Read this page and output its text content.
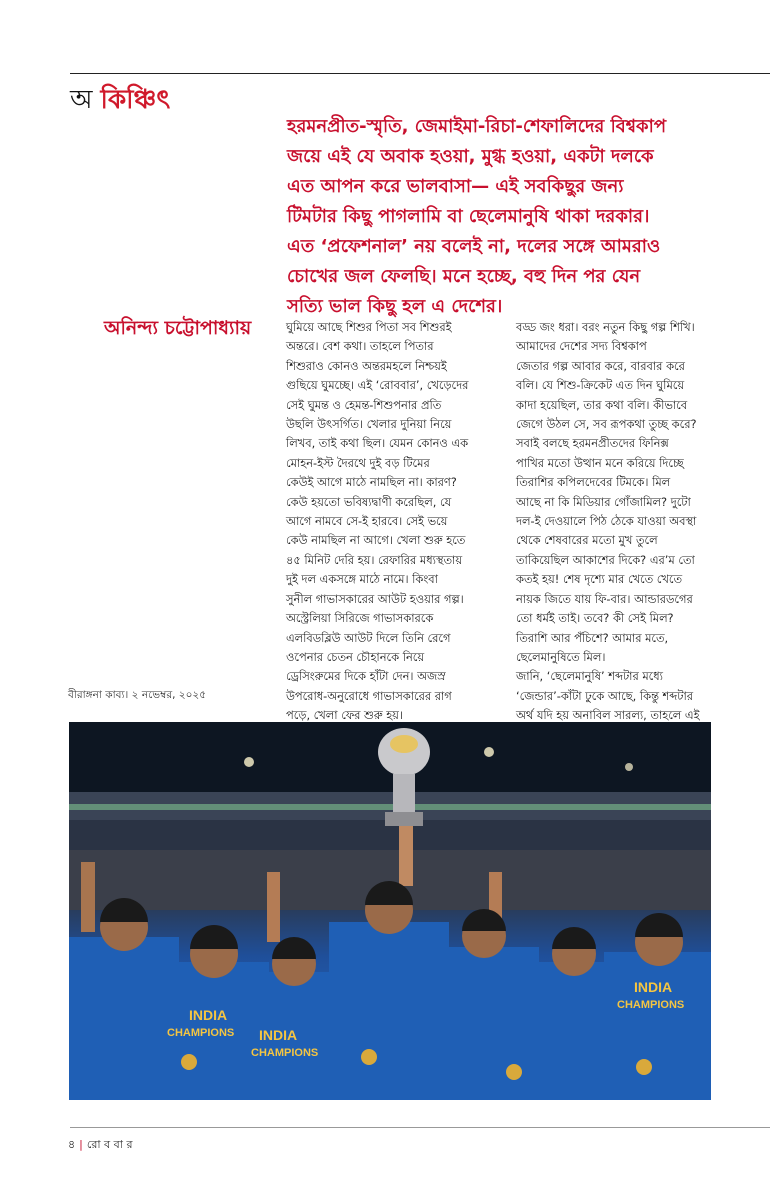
অ কিঞ্চিৎ

হরমনপ্রীত-স্মৃতি, জেমাইমা-রিচা-শেফালিদের বিশ্বকাপ

জয়ে এই যে অবাক হওয়া, মুগ্ধ হওয়া, একটা দলকে

এত আপন করে ভালবাসা— এই সবকিছুর জন্য

টিমটার কিছু পাগলামি বা ছেলেমানুষি থাকা দরকার।

এত ‘প্রফেশনাল’ নয় বলেই না, দলের সঙ্গে আমরাও

চোখের জল ফেলছি। মনে হচ্ছে, বহু দিন পর যেন

সত্যি ভাল কিছু হল এ দেশের।

অনিন্দ্য চট্টোপাধ্যায়	ঘুমিয়ে আছে শিশুর পিতা সব শিশুরই

অন্তরে। বেশ কথা। তাহলে পিতার

শিশুরাও কোনও অন্তরমহলে নিশ্চয়ই

গুছিয়ে ঘুমচ্ছে। এই ‘রোববার’, খেড়েদের

সেই ঘুমন্ত ও হেমন্ত-শিশুপনার প্রতি

উছলি উৎসর্গিত। খেলার দুনিয়া নিয়ে

লিখব, তাই কথা ছিল। যেমন কোনও এক

মোহন-ইস্ট দৈরথে দুই বড় টিমের

কেউই আগে মাঠে নামছিল না। কারণ?

কেউ হয়তো ভবিষ্যদ্বাণী করেছিল, যে

আগে নামবে সে-ই হারবে। সেই ভয়ে

কেউ নামছিল না আগে। খেলা শুরু হতে

৪৫ মিনিট দেরি হয়। রেফারির মধ্যস্থতায়

দুই দল একসঙ্গে মাঠে নামে। কিংবা

সুনীল গাভাসকারের আউট হওয়ার গল্প।

অস্ট্রেলিয়া সিরিজে গাভাসকারকে

এলবিডব্লিউ আউট দিলে তিনি রেগে

ওপেনার চেতন চৌহানকে নিয়ে

ড্রেসিংরুমের দিকে হাঁটা দেন। অজস্র

উপরোধ-অনুরোধে গাভাসকারের রাগ

পড়ে, খেলা ফের শুরু হয়।

বড্ড জং ধরা। বরং নতুন কিছু গল্প শিখি।

আমাদের দেশের সদ্য বিশ্বকাপ

জেতার গল্প আবার করে, বারবার করে

বলি। যে শিশু-ক্রিকেট এত দিন ঘুমিয়ে

কাদা হয়েছিল, তার কথা বলি। কীভাবে

জেগে উঠল সে, সব রূপকথা তুচ্ছ করে?

সবাই বলছে হরমনপ্রীতদের ফিনিক্স

পাখির মতো উত্থান মনে করিয়ে দিচ্ছে

তিরাশির কপিলদেবের টিমকে। মিল

আছে না কি মিডিয়ার গোঁজামিল? দুটো

দল-ই দেওয়ালে পিঠ ঠেকে যাওয়া অবস্থা

থেকে শেষবারের মতো মুখ তুলে

তাকিয়েছিল আকাশের দিকে? এর’ম তো

কতই হয়! শেষ দৃশ্যে মার খেতে খেতে

নায়ক জিতে যায় ফি-বার। আন্ডারডগের

তো ধর্মই তাই। তবে? কী সেই মিল?

তিরাশি আর পঁচিশে? আমার মতে,

ছেলেমানুষিতে মিল।

জানি, ‘ছেলেমানুষি’ শব্দটার মধ্যে

‘জেন্ডার’-কাঁটা ঢুকে আছে, কিন্তু শব্দটার

অর্থ যদি হয় অনাবিল সারল্য, তাহলে এই

বীরাঙ্গনা কাব্য। ২ নভেম্বর, ২০২৫
INDIA
CHAMPIONS INDIA
CHAMPIONS
INDIA
CHAMPIONS
৪ | রো ব বা র
